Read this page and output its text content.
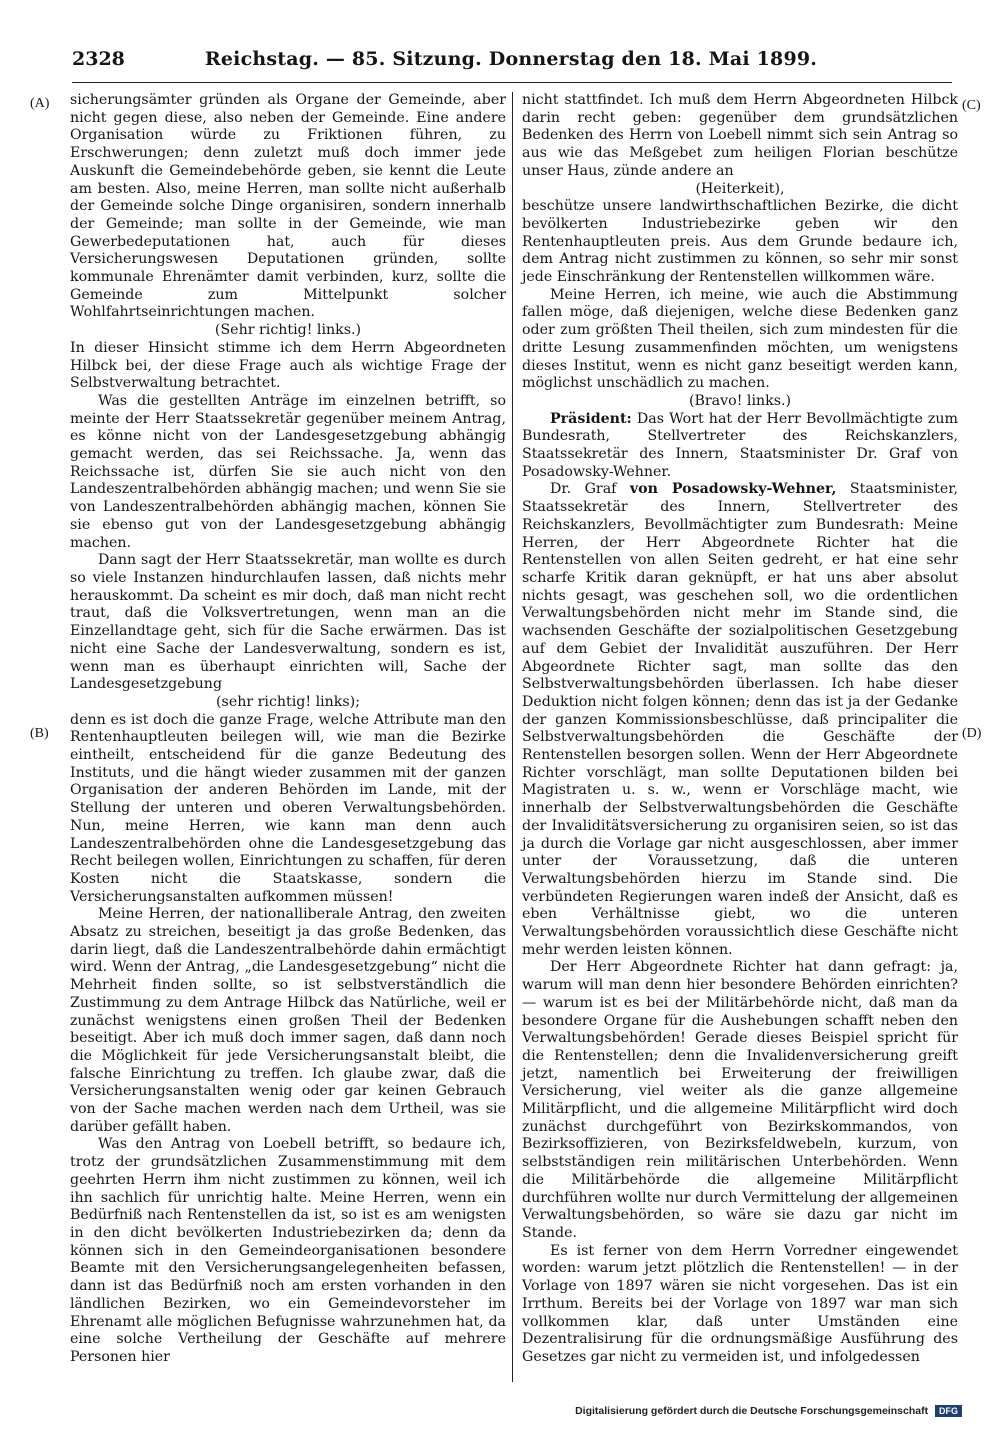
2328	Reichstag. — 85. Sitzung. Donnerstag den 18. Mai 1899.
(A)
(B)
(C)
(D)

sicherungsämter gründen als Organe der Gemeinde, aber nicht gegen diese, also neben der Gemeinde. Eine andere Organisation würde zu Friktionen führen, zu Erschwerungen; denn zuletzt muß doch immer jede Auskunft die Gemeindebehörde geben, sie kennt die Leute am besten. Also, meine Herren, man sollte nicht außerhalb der Gemeinde solche Dinge organisiren, sondern innerhalb der Gemeinde; man sollte in der Gemeinde, wie man Gewerbedeputationen hat, auch für dieses Versicherungswesen Deputationen gründen, sollte kommunale Ehrenämter damit verbinden, kurz, sollte die Gemeinde zum Mittelpunkt solcher Wohlfahrtseinrichtungen machen.

(Sehr richtig! links.)

In dieser Hinsicht stimme ich dem Herrn Abgeordneten Hilbck bei, der diese Frage auch als wichtige Frage der Selbstverwaltung betrachtet.

Was die gestellten Anträge im einzelnen betrifft, so meinte der Herr Staatssekretär gegenüber meinem Antrag, es könne nicht von der Landesgesetzgebung abhängig gemacht werden, das sei Reichssache. Ja, wenn das Reichssache ist, dürfen Sie sie auch nicht von den Landeszentralbehörden abhängig machen; und wenn Sie sie von Landeszentralbehörden abhängig machen, können Sie sie ebenso gut von der Landesgesetzgebung abhängig machen.

Dann sagt der Herr Staatssekretär, man wollte es durch so viele Instanzen hindurchlaufen lassen, daß nichts mehr herauskommt. Da scheint es mir doch, daß man nicht recht traut, daß die Volksvertretungen, wenn man an die Einzellandtage geht, sich für die Sache erwärmen. Das ist nicht eine Sache der Landesverwaltung, sondern es ist, wenn man es überhaupt einrichten will, Sache der Landesgesetzgebung

(sehr richtig! links);

denn es ist doch die ganze Frage, welche Attribute man den Rentenhauptleuten beilegen will, wie man die Bezirke eintheilt, entscheidend für die ganze Bedeutung des Instituts, und die hängt wieder zusammen mit der ganzen Organisation der anderen Behörden im Lande, mit der Stellung der unteren und oberen Verwaltungsbehörden. Nun, meine Herren, wie kann man denn auch Landeszentralbehörden ohne die Landesgesetzgebung das Recht beilegen wollen, Einrichtungen zu schaffen, für deren Kosten nicht die Staatskasse, sondern die Versicherungsanstalten aufkommen müssen!

Meine Herren, der nationalliberale Antrag, den zweiten Absatz zu streichen, beseitigt ja das große Bedenken, das darin liegt, daß die Landeszentralbehörde dahin ermächtigt wird. Wenn der Antrag, „die Landesgesetzgebung“ nicht die Mehrheit finden sollte, so ist selbstverständlich die Zustimmung zu dem Antrage Hilbck das Natürliche, weil er zunächst wenigstens einen großen Theil der Bedenken beseitigt. Aber ich muß doch immer sagen, daß dann noch die Möglichkeit für jede Versicherungsanstalt bleibt, die falsche Einrichtung zu treffen. Ich glaube zwar, daß die Versicherungsanstalten wenig oder gar keinen Gebrauch von der Sache machen werden nach dem Urtheil, was sie darüber gefällt haben.

Was den Antrag von Loebell betrifft, so bedaure ich, trotz der grundsätzlichen Zusammenstimmung mit dem geehrten Herrn ihm nicht zustimmen zu können, weil ich ihn sachlich für unrichtig halte. Meine Herren, wenn ein Bedürfniß nach Rentenstellen da ist, so ist es am wenigsten in den dicht bevölkerten Industriebezirken da; denn da können sich in den Gemeindeorganisationen besondere Beamte mit den Versicherungsangelegenheiten befassen, dann ist das Bedürfniß noch am ersten vorhanden in den ländlichen Bezirken, wo ein Gemeindevorsteher im Ehrenamt alle möglichen Befugnisse wahrzunehmen hat, da eine solche Vertheilung der Geschäfte auf mehrere Personen hier

nicht stattfindet. Ich muß dem Herrn Abgeordneten Hilbck darin recht geben: gegenüber dem grundsätzlichen Bedenken des Herrn von Loebell nimmt sich sein Antrag so aus wie das Meßgebet zum heiligen Florian beschütze unser Haus, zünde andere an

(Heiterkeit),

beschütze unsere landwirthschaftlichen Bezirke, die dicht bevölkerten Industriebezirke geben wir den Rentenhauptleuten preis. Aus dem Grunde bedaure ich, dem Antrag nicht zustimmen zu können, so sehr mir sonst jede Einschränkung der Rentenstellen willkommen wäre.

Meine Herren, ich meine, wie auch die Abstimmung fallen möge, daß diejenigen, welche diese Bedenken ganz oder zum größten Theil theilen, sich zum mindesten für die dritte Lesung zusammenfinden möchten, um wenigstens dieses Institut, wenn es nicht ganz beseitigt werden kann, möglichst unschädlich zu machen.

(Bravo! links.)

Präsident: Das Wort hat der Herr Bevollmächtigte zum Bundesrath, Stellvertreter des Reichskanzlers, Staatssekretär des Innern, Staatsminister Dr. Graf von Posadowsky-Wehner.

Dr. Graf von Posadowsky-Wehner, Staatsminister, Staatssekretär des Innern, Stellvertreter des Reichskanzlers, Bevollmächtigter zum Bundesrath: Meine Herren, der Herr Abgeordnete Richter hat die Rentenstellen von allen Seiten gedreht, er hat eine sehr scharfe Kritik daran geknüpft, er hat uns aber absolut nichts gesagt, was geschehen soll, wo die ordentlichen Verwaltungsbehörden nicht mehr im Stande sind, die wachsenden Geschäfte der sozialpolitischen Gesetzgebung auf dem Gebiet der Invalidität auszuführen. Der Herr Abgeordnete Richter sagt, man sollte das den Selbstverwaltungsbehörden überlassen. Ich habe dieser Deduktion nicht folgen können; denn das ist ja der Gedanke der ganzen Kommissionsbeschlüsse, daß principaliter die Selbstverwaltungsbehörden die Geschäfte der Rentenstellen besorgen sollen. Wenn der Herr Abgeordnete Richter vorschlägt, man sollte Deputationen bilden bei Magistraten u. s. w., wenn er Vorschläge macht, wie innerhalb der Selbstverwaltungsbehörden die Geschäfte der Invaliditätsversicherung zu organisiren seien, so ist das ja durch die Vorlage gar nicht ausgeschlossen, aber immer unter der Voraussetzung, daß die unteren Verwaltungsbehörden hierzu im Stande sind. Die verbündeten Regierungen waren indeß der Ansicht, daß es eben Verhältnisse giebt, wo die unteren Verwaltungsbehörden voraussichtlich diese Geschäfte nicht mehr werden leisten können.

Der Herr Abgeordnete Richter hat dann gefragt: ja, warum will man denn hier besondere Behörden einrichten? — warum ist es bei der Militärbehörde nicht, daß man da besondere Organe für die Aushebungen schafft neben den Verwaltungsbehörden! Gerade dieses Beispiel spricht für die Rentenstellen; denn die Invalidenversicherung greift jetzt, namentlich bei Erweiterung der freiwilligen Versicherung, viel weiter als die ganze allgemeine Militärpflicht, und die allgemeine Militärpflicht wird doch zunächst durchgeführt von Bezirkskommandos, von Bezirksoffizieren, von Bezirksfeldwebeln, kurzum, von selbstständigen rein militärischen Unterbehörden. Wenn die Militärbehörde die allgemeine Militärpflicht durchführen wollte nur durch Vermittelung der allgemeinen Verwaltungsbehörden, so wäre sie dazu gar nicht im Stande.

Es ist ferner von dem Herrn Vorredner eingewendet worden: warum jetzt plötzlich die Rentenstellen! — in der Vorlage von 1897 wären sie nicht vorgesehen. Das ist ein Irrthum. Bereits bei der Vorlage von 1897 war man sich vollkommen klar, daß unter Umständen eine Dezentralisirung für die ordnungsmäßige Ausführung des Gesetzes gar nicht zu vermeiden ist, und infolgedessen

Digitalisierung gefördert durch die Deutsche Forschungsgemeinschaft DFG
